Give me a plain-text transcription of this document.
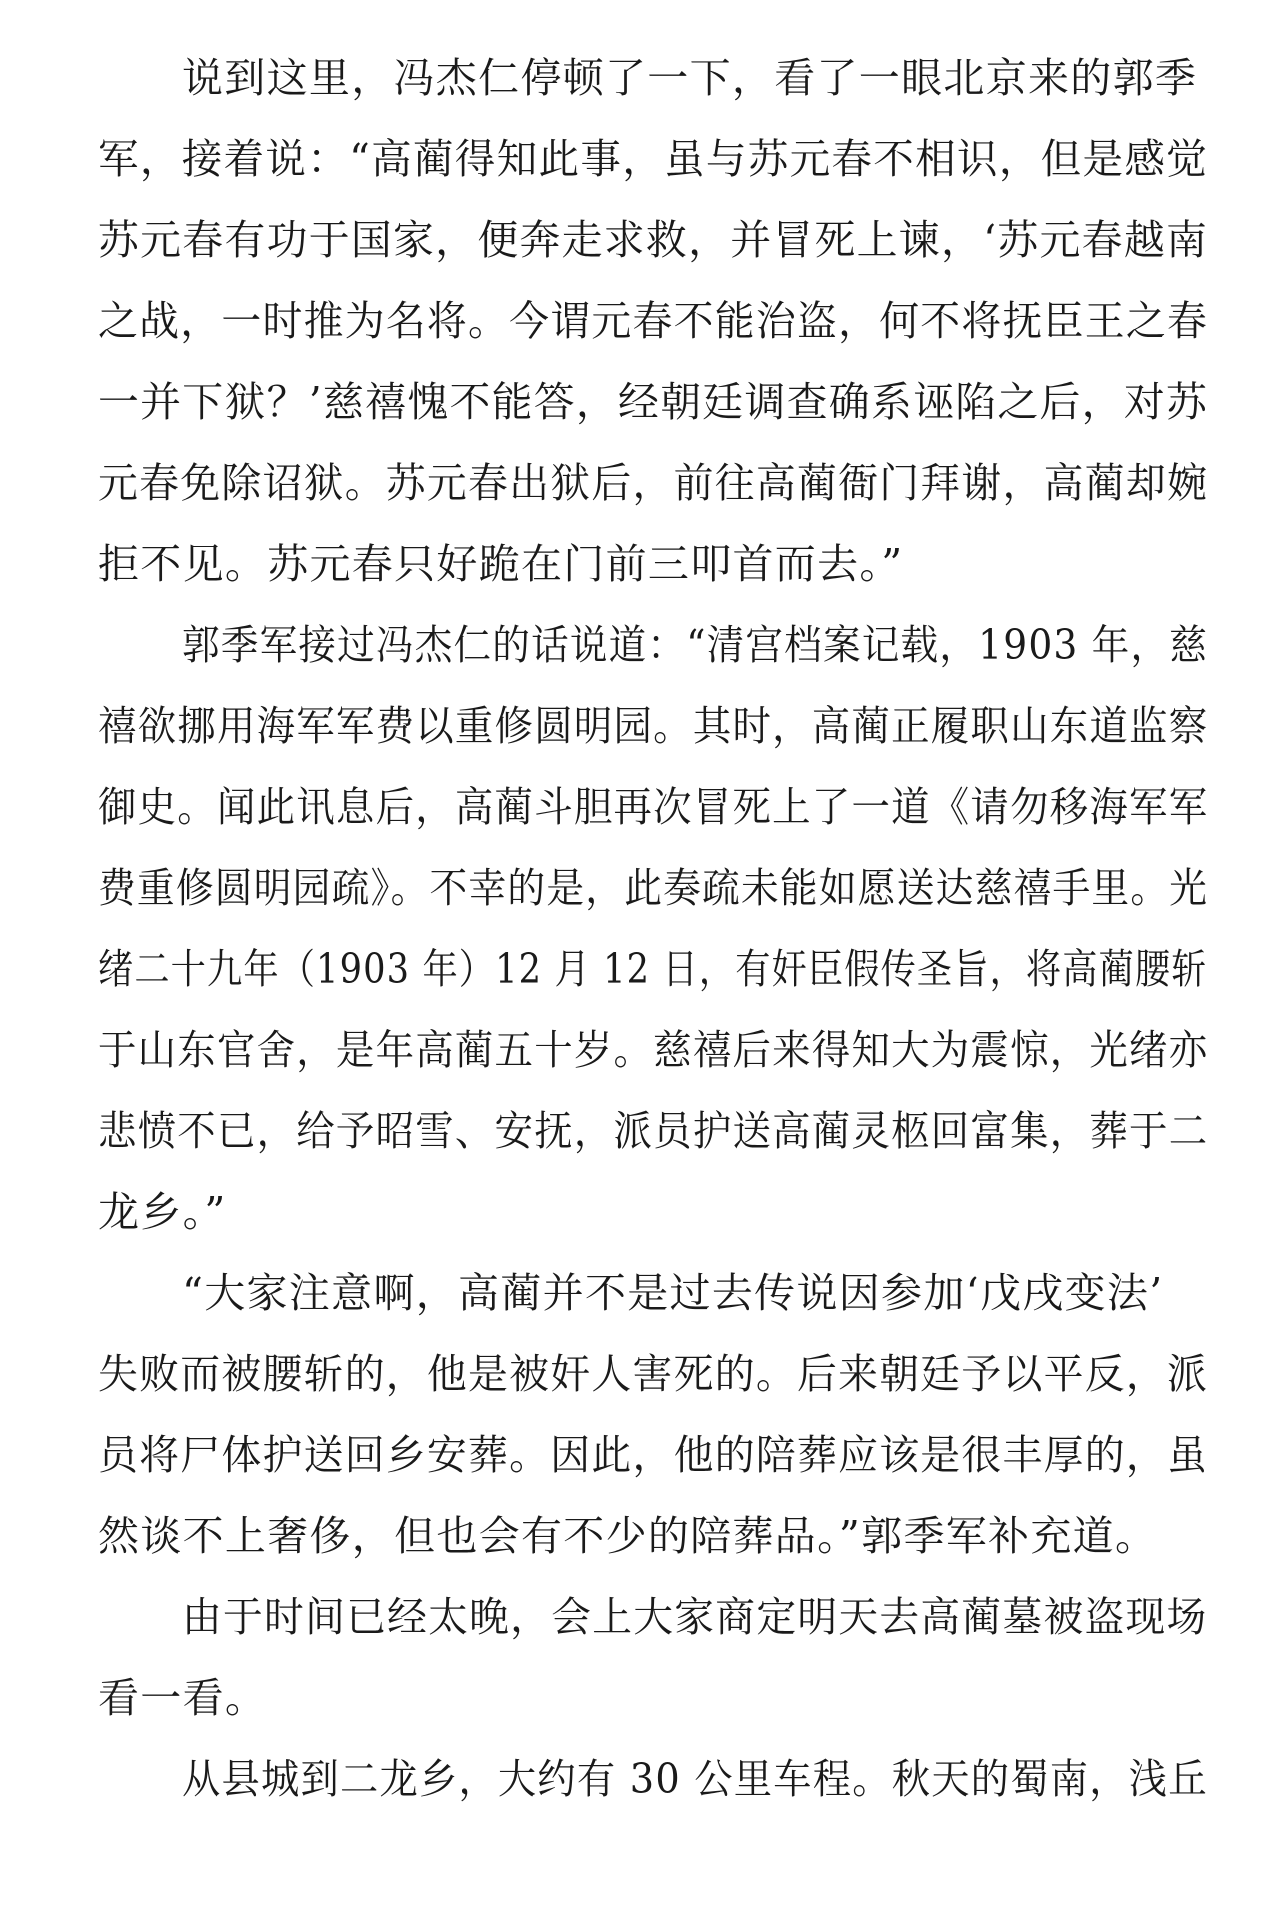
说到这里，冯杰仁停顿了一下，看了一眼北京来的郭季
军，接着说：“高蔺得知此事，虽与苏元春不相识，但是感觉
苏元春有功于国家，便奔走求救，并冒死上谏，‘苏元春越南
之战，一时推为名将。今谓元春不能治盗，何不将抚臣王之春
一并下狱？’慈禧愧不能答，经朝廷调查确系诬陷之后，对苏
元春免除诏狱。苏元春出狱后，前往高蔺衙门拜谢，高蔺却婉
拒不见。苏元春只好跪在门前三叩首而去。”
郭季军接过冯杰仁的话说道：“清宫档案记载，1903 年，慈
禧欲挪用海军军费以重修圆明园。其时，高蔺正履职山东道监察
御史。闻此讯息后，高蔺斗胆再次冒死上了一道《请勿移海军军
费重修圆明园疏》。不幸的是，此奏疏未能如愿送达慈禧手里。光
绪二十九年（1903 年）12 月 12 日，有奸臣假传圣旨，将高蔺腰斩
于山东官舍，是年高蔺五十岁。慈禧后来得知大为震惊，光绪亦
悲愤不已，给予昭雪、安抚，派员护送高蔺灵柩回富集，葬于二
龙乡。”
“大家注意啊，高蔺并不是过去传说因参加‘戊戌变法’
失败而被腰斩的，他是被奸人害死的。后来朝廷予以平反，派
员将尸体护送回乡安葬。因此，他的陪葬应该是很丰厚的，虽
然谈不上奢侈，但也会有不少的陪葬品。”郭季军补充道。
由于时间已经太晚，会上大家商定明天去高蔺墓被盗现场
看一看。
从县城到二龙乡，大约有 30 公里车程。秋天的蜀南，浅丘
